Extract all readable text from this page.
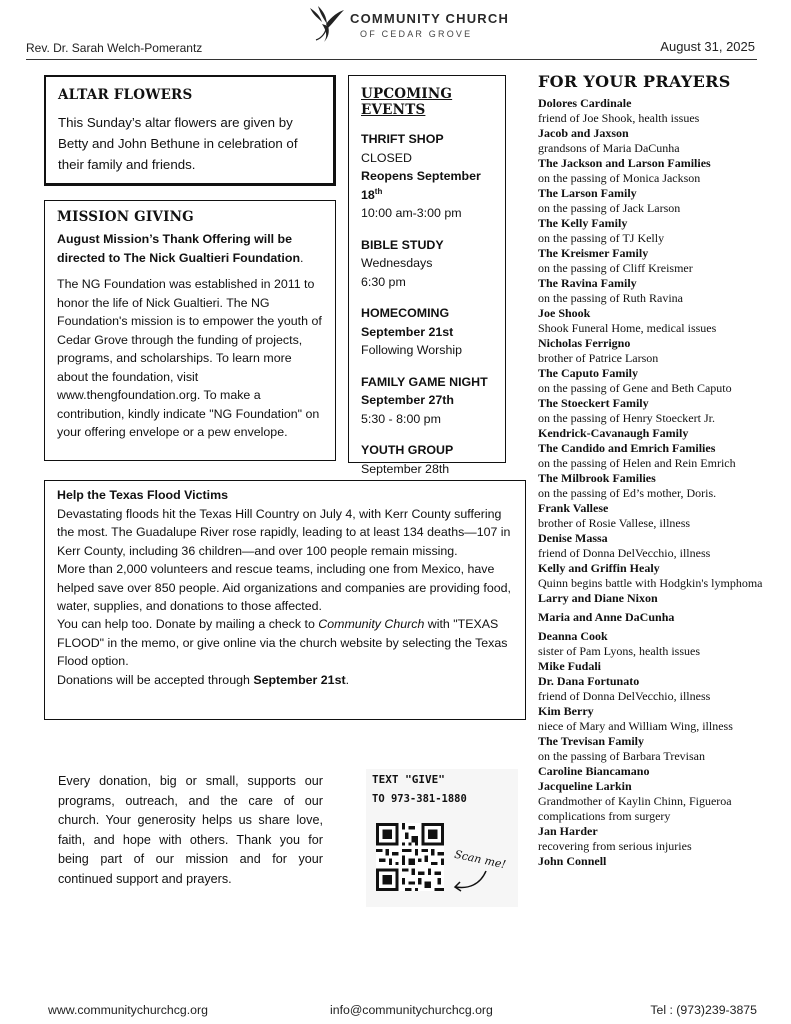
COMMUNITY CHURCH
OF CEDAR GROVE
Rev. Dr. Sarah Welch-Pomerantz	August 31, 2025
ALTAR FLOWERS

This Sunday’s altar flowers are given by Betty and John Bethune in celebration of their family and friends.

MISSION GIVING
August Mission’s Thank Offering will be directed to The Nick Gualtieri Foundation.

The NG Foundation was established in 2011 to honor the life of Nick Gualtieri. The NG Foundation's mission is to empower the youth of Cedar Grove through the funding of projects, programs, and scholarships. To learn more about the foundation, visit www.thengfoundation.org. To make a contribution, kindly indicate "NG Foundation" on your offering envelope or a pew envelope.

UPCOMING EVENTS
THRIFT SHOP
CLOSED
Reopens September 18th
10:00 am-3:00 pm
BIBLE STUDY
Wednesdays
6:30 pm
HOMECOMING
September 21st
Following Worship
FAMILY GAME NIGHT
September 27th
5:30 - 8:00 pm
YOUTH GROUP
September 28th
FOR YOUR PRAYERS
Dolores Cardinale
friend of Joe Shook, health issues
Jacob and Jaxson
grandsons of Maria DaCunha
The Jackson and Larson Families
on the passing of Monica Jackson
The Larson Family
on the passing of Jack Larson
The Kelly Family
on the passing of TJ Kelly
The Kreismer Family
on the passing of Cliff Kreismer
The Ravina Family
on the passing of Ruth Ravina
Joe Shook
Shook Funeral Home, medical issues
Nicholas Ferrigno
brother of Patrice Larson
The Caputo Family
on the passing of Gene and Beth Caputo
The Stoeckert Family
on the passing of Henry Stoeckert Jr.
Kendrick-Cavanaugh Family
The Candido and Emrich Families
on the passing of Helen and Rein Emrich
The Milbrook Families
on the passing of Ed’s mother, Doris.
Frank Vallese
brother of Rosie Vallese, illness
Denise Massa
friend of Donna DelVecchio, illness
Kelly and Griffin Healy
Quinn begins battle with Hodgkin's lymphoma
Larry and Diane Nixon
Maria and Anne DaCunha
Deanna Cook
sister of Pam Lyons, health issues
Mike Fudali
Dr. Dana Fortunato
friend of Donna DelVecchio, illness
Kim Berry
niece of Mary and William Wing, illness
The Trevisan Family
on the passing of Barbara Trevisan
Caroline Biancamano
Jacqueline Larkin
Grandmother of Kaylin Chinn, Figueroa complications from surgery
Jan Harder
recovering from serious injuries
John Connell
Help the Texas Flood Victims

Devastating floods hit the Texas Hill Country on July 4, with Kerr County suffering the most. The Guadalupe River rose rapidly, leading to at least 134 deaths—107 in Kerr County, including 36 children—and over 100 people remain missing.

More than 2,000 volunteers and rescue teams, including one from Mexico, have helped save over 850 people. Aid organizations and companies are providing food, water, supplies, and donations to those affected.

You can help too. Donate by mailing a check to Community Church with "TEXAS FLOOD" in the memo, or give online via the church website by selecting the Texas Flood option.

Donations will be accepted through September 21st.

Every donation, big or small, supports our programs, outreach, and the care of our church. Your generosity helps us share love, faith, and hope with others. Thank you for being part of our mission and for your continued support and prayers.
TEXT "GIVE"
TO 973-381-1880
Scan me!
www.communitychurchcg.org	info@communitychurchcg.org	Tel : (973)239-3875
